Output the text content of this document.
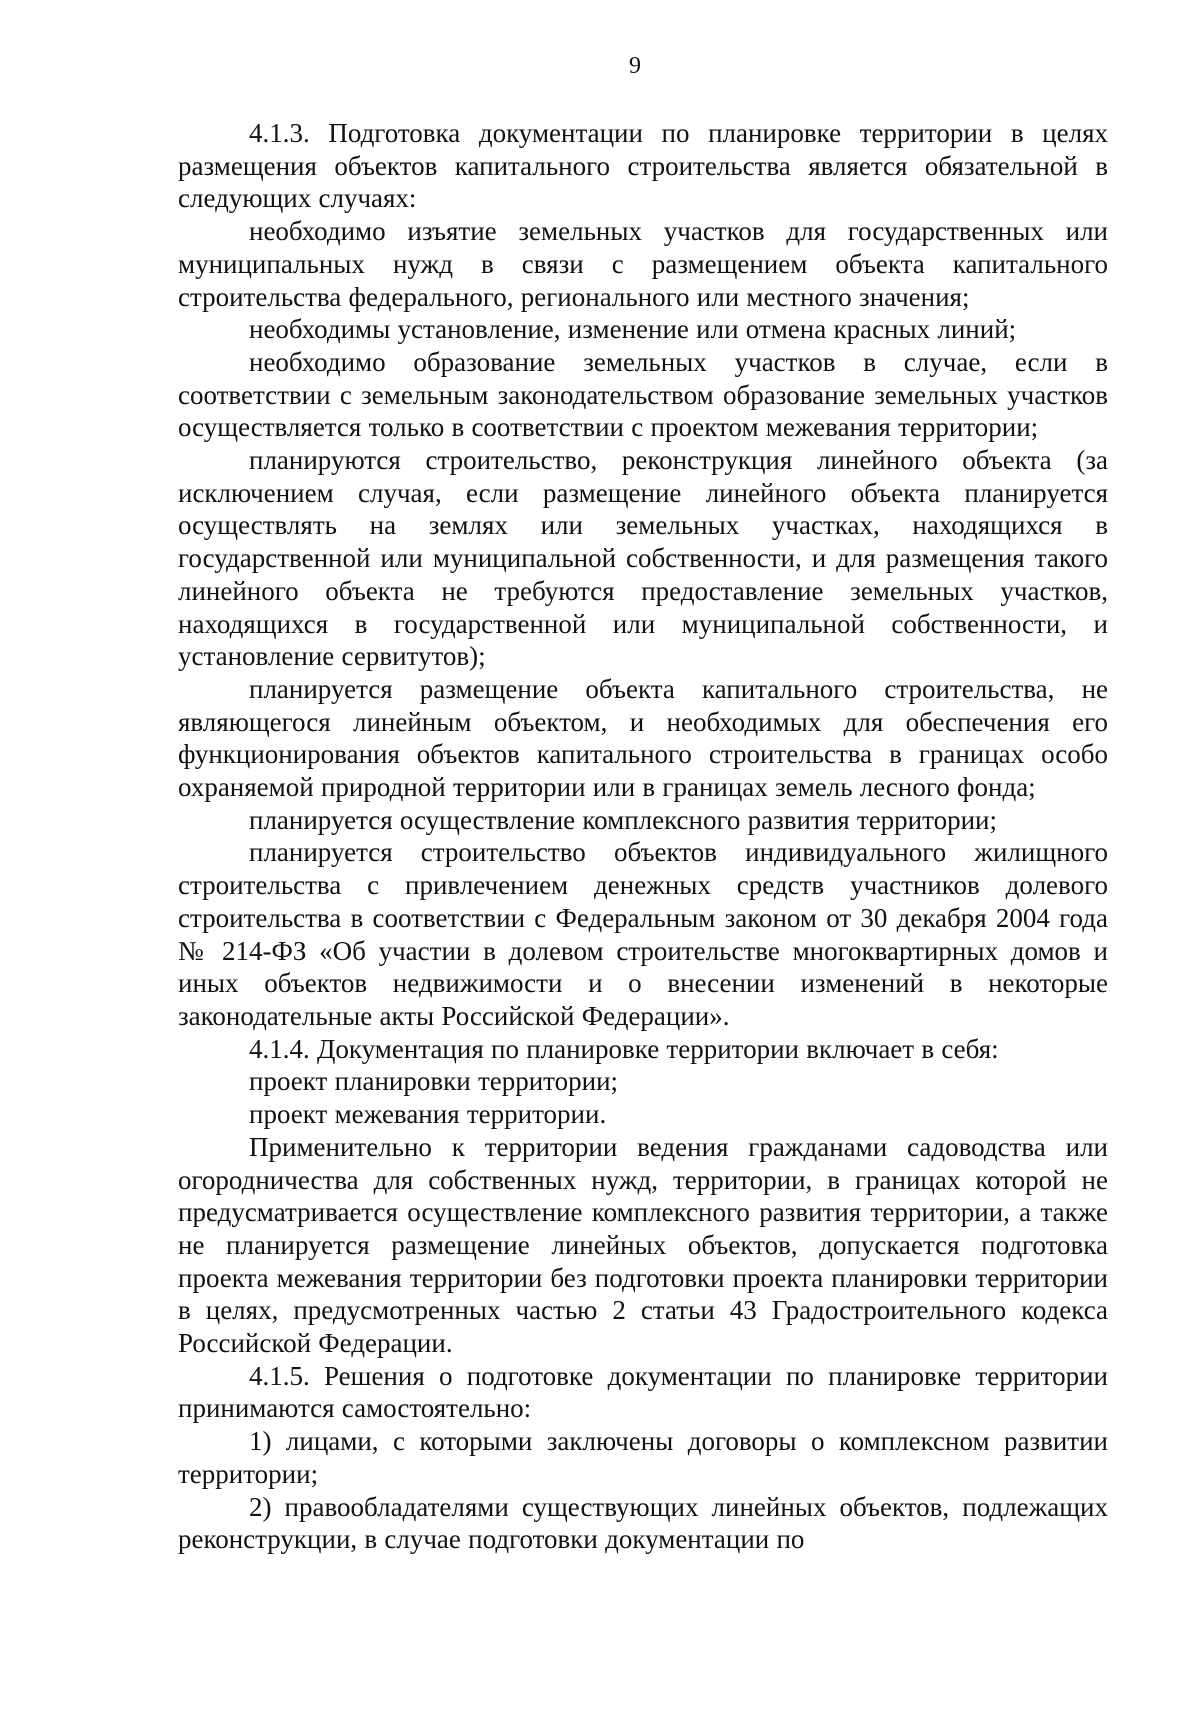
9

4.1.3. Подготовка документации по планировке территории в целях размещения объектов капитального строительства является обязательной в следующих случаях:

необходимо изъятие земельных участков для государственных или муниципальных нужд в связи с размещением объекта капитального строительства федерального, регионального или местного значения;

необходимы установление, изменение или отмена красных линий;

необходимо образование земельных участков в случае, если в соответствии с земельным законодательством образование земельных участков осуществляется только в соответствии с проектом межевания территории;

планируются строительство, реконструкция линейного объекта (за исключением случая, если размещение линейного объекта планируется осуществлять на землях или земельных участках, находящихся в государственной или муниципальной собственности, и для размещения такого линейного объекта не требуются предоставление земельных участков, находящихся в государственной или муниципальной собственности, и установление сервитутов);

планируется размещение объекта капитального строительства, не являющегося линейным объектом, и необходимых для обеспечения его функционирования объектов капитального строительства в границах особо охраняемой природной территории или в границах земель лесного фонда;

планируется осуществление комплексного развития территории;

планируется строительство объектов индивидуального жилищного строительства с привлечением денежных средств участников долевого строительства в соответствии с Федеральным законом от 30 декабря 2004 года № 214-ФЗ «Об участии в долевом строительстве многоквартирных домов и иных объектов недвижимости и о внесении изменений в некоторые законодательные акты Российской Федерации».

4.1.4. Документация по планировке территории включает в себя:

проект планировки территории;

проект межевания территории.

Применительно к территории ведения гражданами садоводства или огородничества для собственных нужд, территории, в границах которой не предусматривается осуществление комплексного развития территории, а также не планируется размещение линейных объектов, допускается подготовка проекта межевания территории без подготовки проекта планировки территории в целях, предусмотренных частью 2 статьи 43 Градостроительного кодекса Российской Федерации.

4.1.5. Решения о подготовке документации по планировке территории принимаются самостоятельно:

1) лицами, с которыми заключены договоры о комплексном развитии территории;

2) правообладателями существующих линейных объектов, подлежащих реконструкции, в случае подготовки документации по
